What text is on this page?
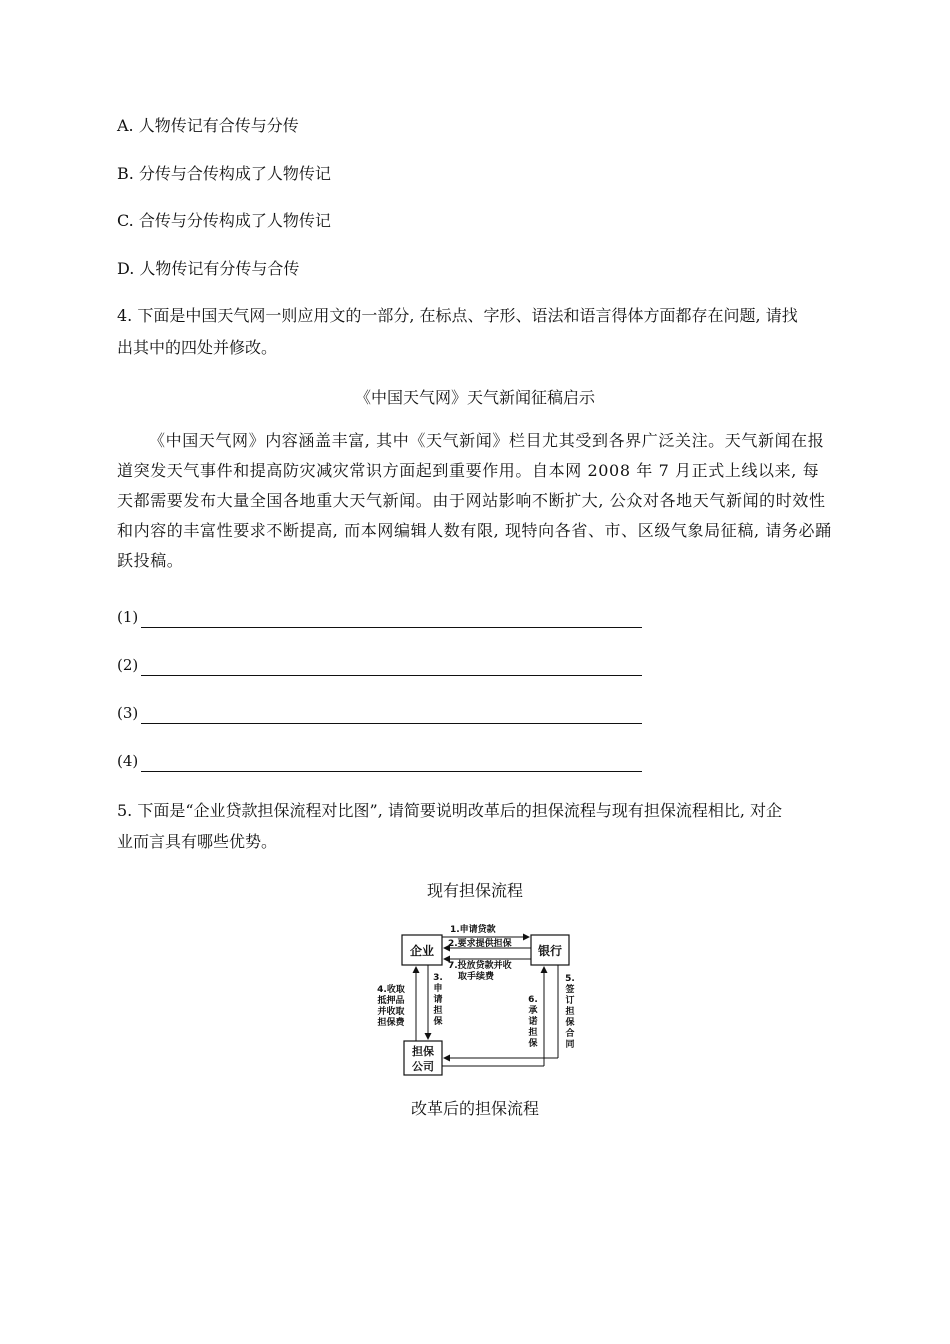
A. 人物传记有合传与分传
B. 分传与合传构成了人物传记
C. 合传与分传构成了人物传记
D. 人物传记有分传与合传
4. 下面是中国天气网一则应用文的一部分, 在标点、字形、语法和语言得体方面都存在问题, 请找
出其中的四处并修改。
《中国天气网》天气新闻征稿启示
《中国天气网》内容涵盖丰富, 其中《天气新闻》栏目尤其受到各界广泛关注。天气新闻在报道突发天气事件和提高防灾减灾常识方面起到重要作用。自本网 2008 年 7 月正式上线以来, 每天都需要发布大量全国各地重大天气新闻。由于网站影响不断扩大, 公众对各地天气新闻的时效性和内容的丰富性要求不断提高, 而本网编辑人数有限, 现特向各省、市、区级气象局征稿, 请务必踊跃投稿。
(1)
(2)
(3)
(4)
5. 下面是“企业贷款担保流程对比图”, 请简要说明改革后的担保流程与现有担保流程相比, 对企
业而言具有哪些优势。
现有担保流程
企业	银行
担保
公司
1.申请贷款
2.要求提供担保
7.投放贷款并收
取手续费
3.
申
请
担
保
4.收取
抵押品
并收取
担保费
6.
承
诺
担
保
5.
签
订
担
保
合
同
改革后的担保流程
